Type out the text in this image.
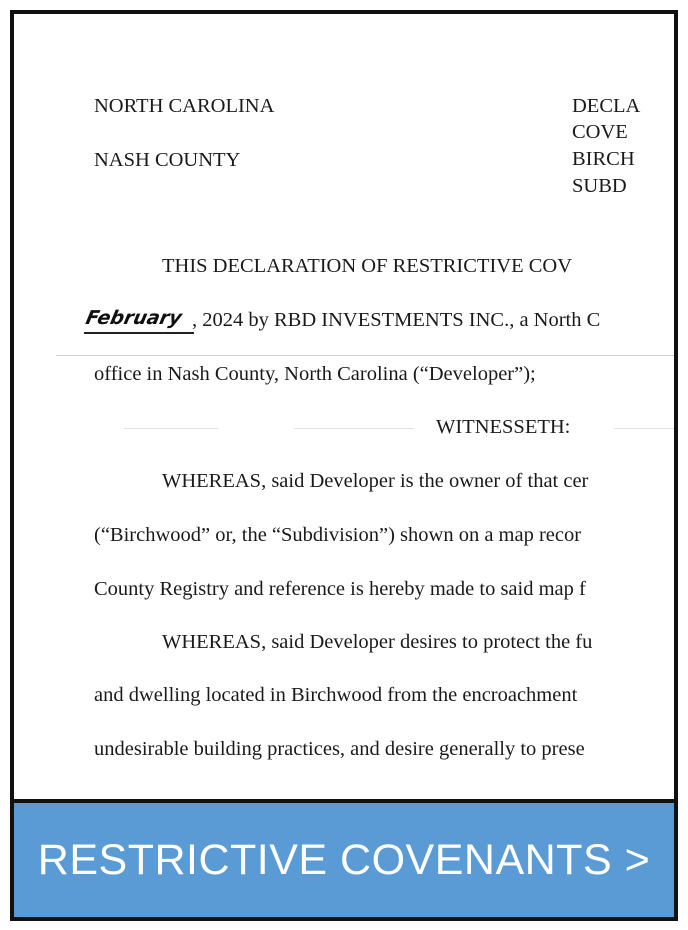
NORTH CAROLINA
NASH COUNTY
DECLA
COVE
BIRCH
SUBD
THIS DECLARATION OF RESTRICTIVE COV
February , 2024 by RBD INVESTMENTS INC., a North C
office in Nash County, North Carolina (“Developer”);
WITNESSETH:
WHEREAS, said Developer is the owner of that cer
(“Birchwood” or, the “Subdivision”) shown on a map recor
County Registry and reference is hereby made to said map f
WHEREAS, said Developer desires to protect the fu
and dwelling located in Birchwood from the encroachment
undesirable building practices, and desire generally to prese
RESTRICTIVE COVENANTS >
